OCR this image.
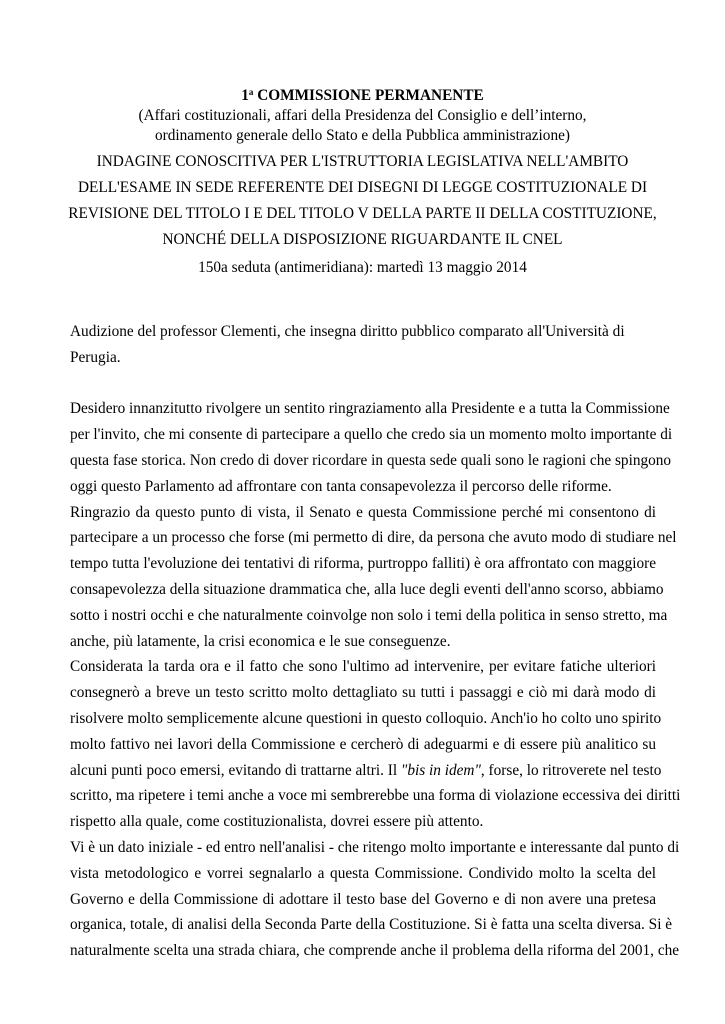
1$^a$ COMMISSIONE PERMANENTE
(Affari costituzionali, affari della Presidenza del Consiglio e dell’interno,
ordinamento generale dello Stato e della Pubblica amministrazione)
INDAGINE CONOSCITIVA PER L'ISTRUTTORIA LEGISLATIVA NELL'AMBITO
DELL'ESAME IN SEDE REFERENTE DEI DISEGNI DI LEGGE COSTITUZIONALE DI
REVISIONE DEL TITOLO I E DEL TITOLO V DELLA PARTE II DELLA COSTITUZIONE,
NONCHÉ DELLA DISPOSIZIONE RIGUARDANTE IL CNEL
150a seduta (antimeridiana): martedì 13 maggio 2014

Audizione del professor Clementi, che insegna diritto pubblico comparato all'Università di Perugia.

Desidero innanzitutto rivolgere un sentito ringraziamento alla Presidente e a tutta la Commissione
per l'invito, che mi consente di partecipare a quello che credo sia un momento molto importante di
questa fase storica. Non credo di dover ricordare in questa sede quali sono le ragioni che spingono
oggi questo Parlamento ad affrontare con tanta consapevolezza il percorso delle riforme.

Ringrazio da questo punto di vista, il Senato e questa Commissione perché mi consentono di
partecipare a un processo che forse (mi permetto di dire, da persona che avuto modo di studiare nel
tempo tutta l'evoluzione dei tentativi di riforma, purtroppo falliti) è ora affrontato con maggiore
consapevolezza della situazione drammatica che, alla luce degli eventi dell'anno scorso, abbiamo
sotto i nostri occhi e che naturalmente coinvolge non solo i temi della politica in senso stretto, ma
anche, più latamente, la crisi economica e le sue conseguenze.

Considerata la tarda ora e il fatto che sono l'ultimo ad intervenire, per evitare fatiche ulteriori
consegnerò a breve un testo scritto molto dettagliato su tutti i passaggi e ciò mi darà modo di
risolvere molto semplicemente alcune questioni in questo colloquio. Anch'io ho colto uno spirito
molto fattivo nei lavori della Commissione e cercherò di adeguarmi e di essere più analitico su
alcuni punti poco emersi, evitando di trattarne altri. Il "bis in idem", forse, lo ritroverete nel testo
scritto, ma ripetere i temi anche a voce mi sembrerebbe una forma di violazione eccessiva dei diritti
rispetto alla quale, come costituzionalista, dovrei essere più attento.

Vi è un dato iniziale - ed entro nell'analisi - che ritengo molto importante e interessante dal punto di
vista metodologico e vorrei segnalarlo a questa Commissione. Condivido molto la scelta del
Governo e della Commissione di adottare il testo base del Governo e di non avere una pretesa
organica, totale, di analisi della Seconda Parte della Costituzione. Si è fatta una scelta diversa. Si è
naturalmente scelta una strada chiara, che comprende anche il problema della riforma del 2001, che
